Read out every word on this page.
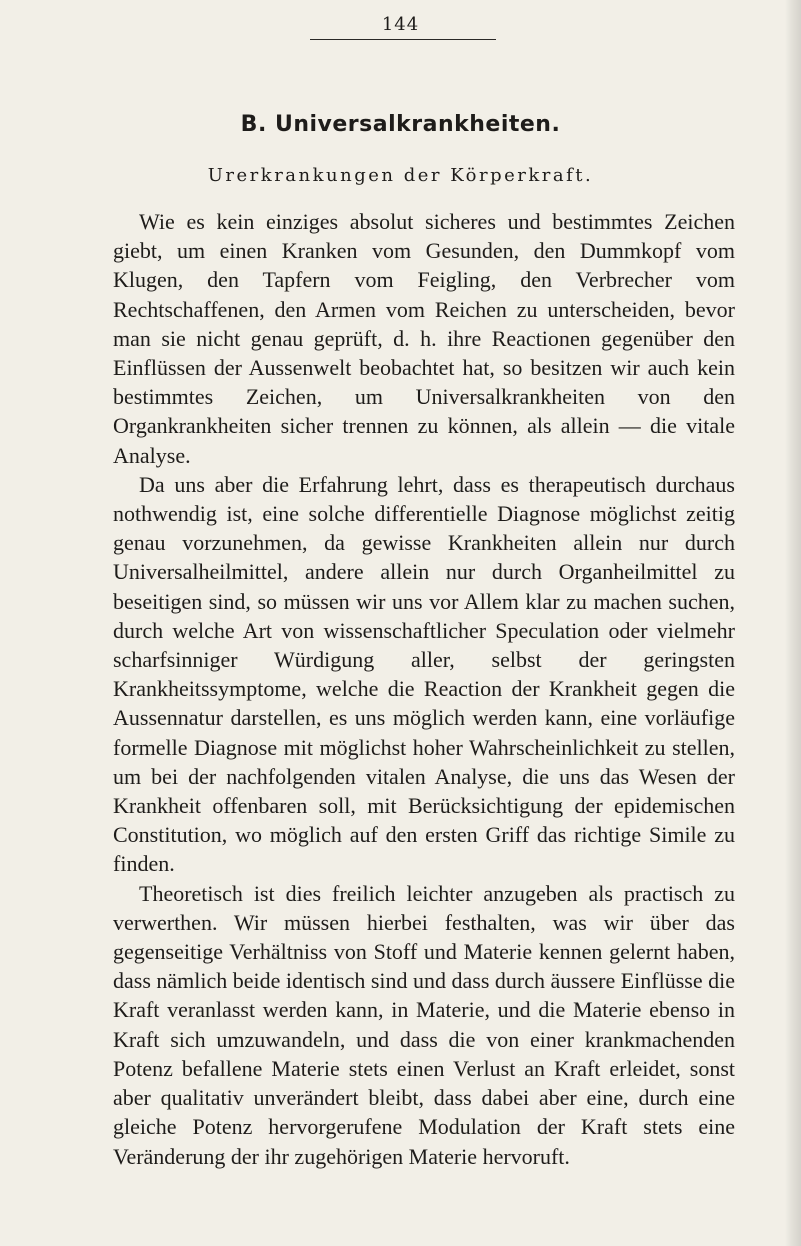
144
B. Universalkrankheiten.
Urerkrankungen der Körperkraft.

Wie es kein einziges absolut sicheres und bestimmtes Zeichen giebt, um einen Kranken vom Gesunden, den Dummkopf vom Klugen, den Tapfern vom Feigling, den Verbrecher vom Rechtschaffenen, den Armen vom Reichen zu unterscheiden, bevor man sie nicht genau geprüft, d. h. ihre Reactionen gegenüber den Einflüssen der Aussenwelt beobachtet hat, so besitzen wir auch kein bestimmtes Zeichen, um Universalkrankheiten von den Organkrankheiten sicher trennen zu können, als allein — die vitale Analyse.

Da uns aber die Erfahrung lehrt, dass es therapeutisch durchaus nothwendig ist, eine solche differentielle Diagnose möglichst zeitig genau vorzunehmen, da gewisse Krankheiten allein nur durch Universalheilmittel, andere allein nur durch Organheilmittel zu beseitigen sind, so müssen wir uns vor Allem klar zu machen suchen, durch welche Art von wissenschaftlicher Speculation oder vielmehr scharfsinniger Würdigung aller, selbst der geringsten Krankheitssymptome, welche die Reaction der Krankheit gegen die Aussennatur darstellen, es uns möglich werden kann, eine vorläufige formelle Diagnose mit möglichst hoher Wahrscheinlichkeit zu stellen, um bei der nachfolgenden vitalen Analyse, die uns das Wesen der Krankheit offenbaren soll, mit Berücksichtigung der epidemischen Constitution, wo möglich auf den ersten Griff das richtige Simile zu finden.

Theoretisch ist dies freilich leichter anzugeben als practisch zu verwerthen. Wir müssen hierbei festhalten, was wir über das gegenseitige Verhältniss von Stoff und Materie kennen gelernt haben, dass nämlich beide identisch sind und dass durch äussere Einflüsse die Kraft veranlasst werden kann, in Materie, und die Materie ebenso in Kraft sich umzuwandeln, und dass die von einer krankmachenden Potenz befallene Materie stets einen Verlust an Kraft erleidet, sonst aber qualitativ unverändert bleibt, dass dabei aber eine, durch eine gleiche Potenz hervorgerufene Modulation der Kraft stets eine Veränderung der ihr zugehörigen Materie hervoruft.
